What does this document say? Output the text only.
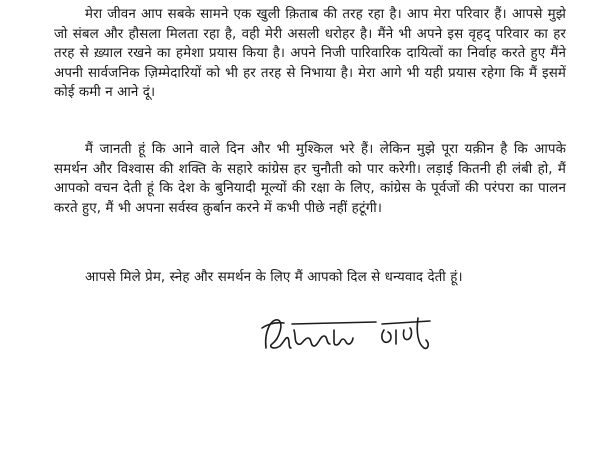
मेरा जीवन आप सबके सामने एक खुली क़िताब की तरह रहा है। आप मेरा परिवार हैं। आपसे मुझे जो संबल और हौसला मिलता रहा है, वही मेरी असली धरोहर है। मैंने भी अपने इस वृहद् परिवार का हर तरह से ख़्याल रखने का हमेशा प्रयास किया है। अपने निजी पारिवारिक दायित्वों का निर्वाह करते हुए मैंने अपनी सार्वजनिक ज़िम्मेदारियों को भी हर तरह से निभाया है। मेरा आगे भी यही प्रयास रहेगा कि मैं इसमें कोई कमी न आने दूं।

मैं जानती हूं कि आने वाले दिन और भी मुश्किल भरे हैं। लेकिन मुझे पूरा यक़ीन है कि आपके समर्थन और विश्वास की शक्ति के सहारे कांग्रेस हर चुनौती को पार करेगी। लड़ाई कितनी ही लंबी हो, मैं आपको वचन देती हूं कि देश के बुनियादी मूल्यों की रक्षा के लिए, कांग्रेस के पूर्वजों की परंपरा का पालन करते हुए, मैं भी अपना सर्वस्व क़ुर्बान करने में कभी पीछे नहीं हटूंगी।

आपसे मिले प्रेम, स्नेह और समर्थन के लिए मैं आपको दिल से धन्यवाद देती हूं।
